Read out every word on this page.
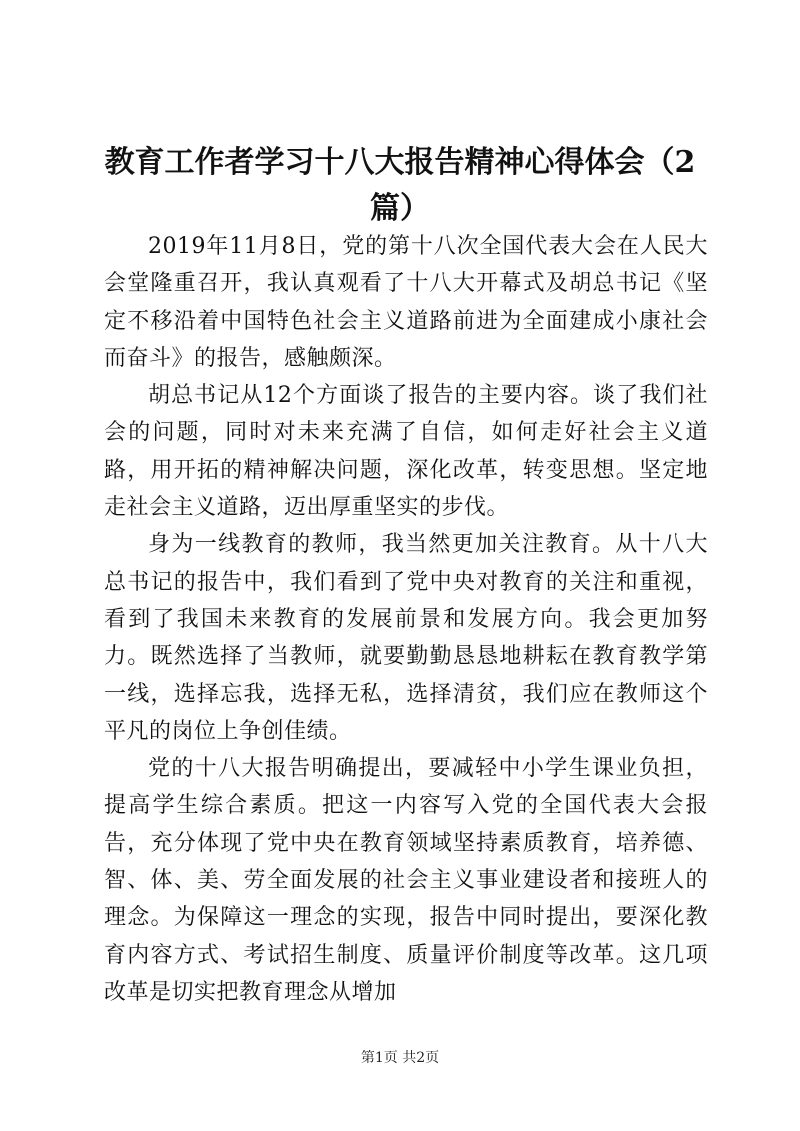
教育工作者学习十八大报告精神心得体会（2篇）

2019年11月8日，党的第十八次全国代表大会在人民大会堂隆重召开，我认真观看了十八大开幕式及胡总书记《坚定不移沿着中国特色社会主义道路前进为全面建成小康社会而奋斗》的报告，感触颇深。

胡总书记从12个方面谈了报告的主要内容。谈了我们社会的问题，同时对未来充满了自信，如何走好社会主义道路，用开拓的精神解决问题，深化改革，转变思想。坚定地走社会主义道路，迈出厚重坚实的步伐。

身为一线教育的教师，我当然更加关注教育。从十八大总书记的报告中，我们看到了党中央对教育的关注和重视，看到了我国未来教育的发展前景和发展方向。我会更加努力。既然选择了当教师，就要勤勤恳恳地耕耘在教育教学第一线，选择忘我，选择无私，选择清贫，我们应在教师这个平凡的岗位上争创佳绩。

党的十八大报告明确提出，要减轻中小学生课业负担，提高学生综合素质。把这一内容写入党的全国代表大会报告，充分体现了党中央在教育领域坚持素质教育，培养德、智、体、美、劳全面发展的社会主义事业建设者和接班人的理念。为保障这一理念的实现，报告中同时提出，要深化教育内容方式、考试招生制度、质量评价制度等改革。这几项改革是切实把教育理念从增加

第1页 共2页
